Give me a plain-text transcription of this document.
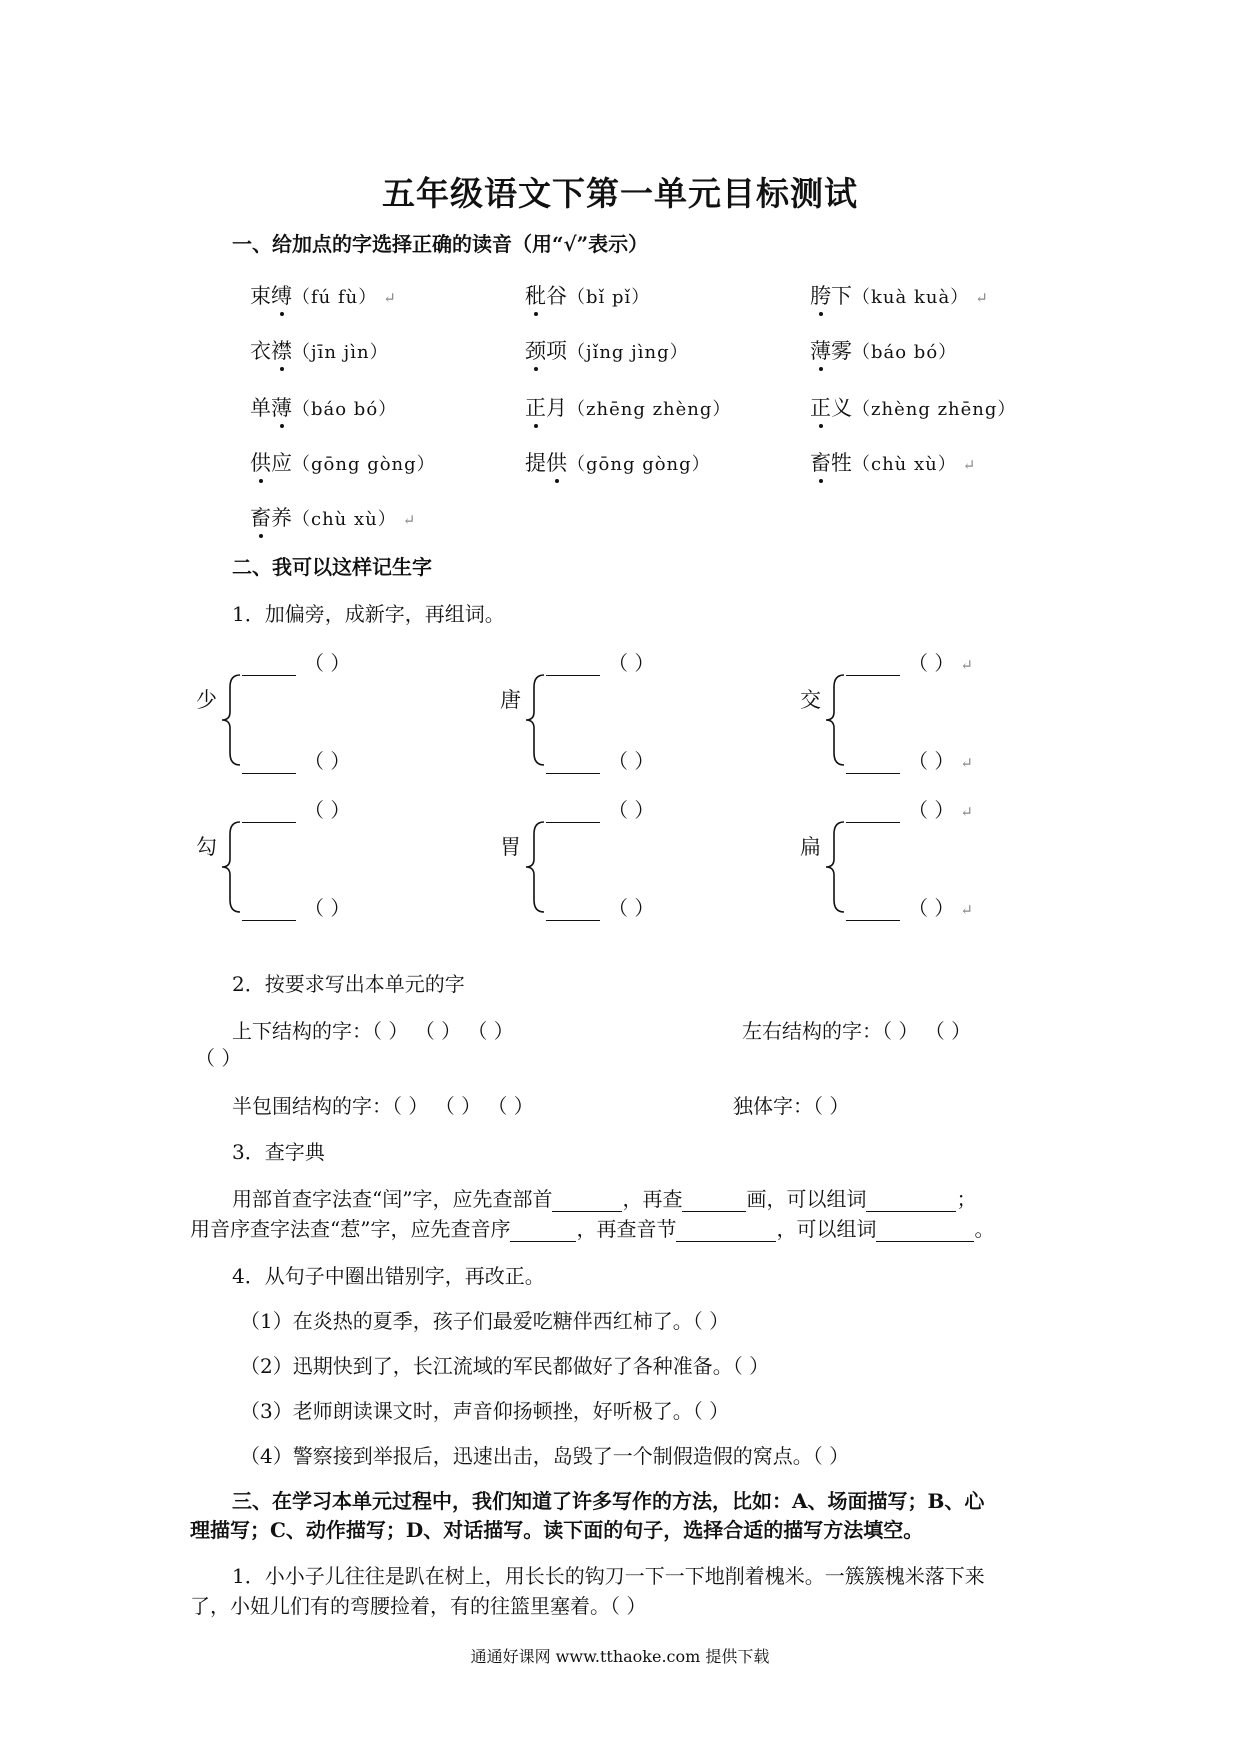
五年级语文下第一单元目标测试
一、给加点的字选择正确的读音（用“√”表示）
束缚（fú fù） ↵	秕谷（bǐ pǐ）	胯下（kuà kuà） ↵
衣襟（jīn jìn）	颈项（jǐng jìng）	薄雾（báo bó）
单薄（báo bó）	正月（zhēng zhèng）	正义（zhèng zhēng）
供应（gōng gòng）	提供（gōng gòng）	畜牲（chù xù） ↵
畜养（chù xù） ↵
二、我可以这样记生字
1．加偏旁，成新字，再组词。
少
（ ）
（ ）
唐
（ ）
（ ）
交
（ ） ↵
（ ） ↵
勾
（ ）
（ ）
胃
（ ）
（ ）
扁
（ ） ↵
（ ） ↵
2．按要求写出本单元的字
上下结构的字：（ ） （ ） （ ）	左右结构的字：（ ） （ ）
（ ）
半包围结构的字：（ ） （ ） （ ）	独体字：（ ）
3．查字典
用部首查字法查“闰”字，应先查部首	，再查	画，可以组词	；
用音序查字法查“惹”字，应先查音序	，再查音节	，可以组词	。
4．从句子中圈出错别字，再改正。
（1）在炎热的夏季，孩子们最爱吃糖伴西红柿了。（ ）
（2）迅期快到了，长江流域的军民都做好了各种准备。（ ）
（3）老师朗读课文时，声音仰扬顿挫，好听极了。（ ）
（4）警察接到举报后，迅速出击，岛毁了一个制假造假的窝点。（ ）
三、在学习本单元过程中，我们知道了许多写作的方法，比如：A、场面描写；B、心
理描写；C、动作描写；D、对话描写。读下面的句子，选择合适的描写方法填空。
1．小小子儿往往是趴在树上，用长长的钩刀一下一下地削着槐米。一簇簇槐米落下来
了，小妞儿们有的弯腰捡着，有的往篮里塞着。（ ）
通通好课网 www.tthaoke.com 提供下载
